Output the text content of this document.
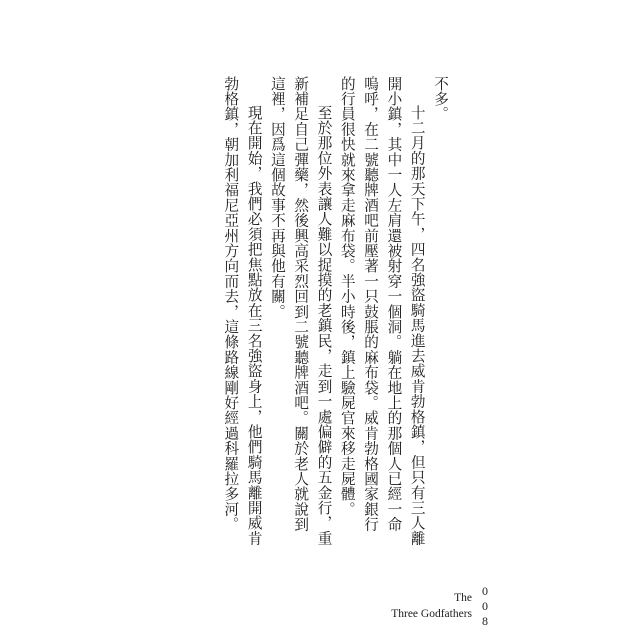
不多。

十二月的那天下午，四名強盜騎馬進去威肯勃格鎮，但只有三人離開小鎮，其中一人左肩還被射穿一個洞。躺在地上的那個人已經一命嗚呼，在二號聽牌酒吧前壓著一只鼓脹的麻布袋。威肯勃格國家銀行的行員很快就來拿走麻布袋。半小時後，鎮上驗屍官來移走屍體。

至於那位外表讓人難以捉摸的老鎮民，走到一處偏僻的五金行，重新補足自己彈藥，然後興高采烈回到二號聽牌酒吧。關於老人就說到這裡，因爲這個故事不再與他有關。

現在開始，我們必須把焦點放在三名強盜身上，他們騎馬離開威肯勃格鎮，朝加利福尼亞州方向而去，這條路線剛好經過科羅拉多河。

The
Three Godfathers 008
